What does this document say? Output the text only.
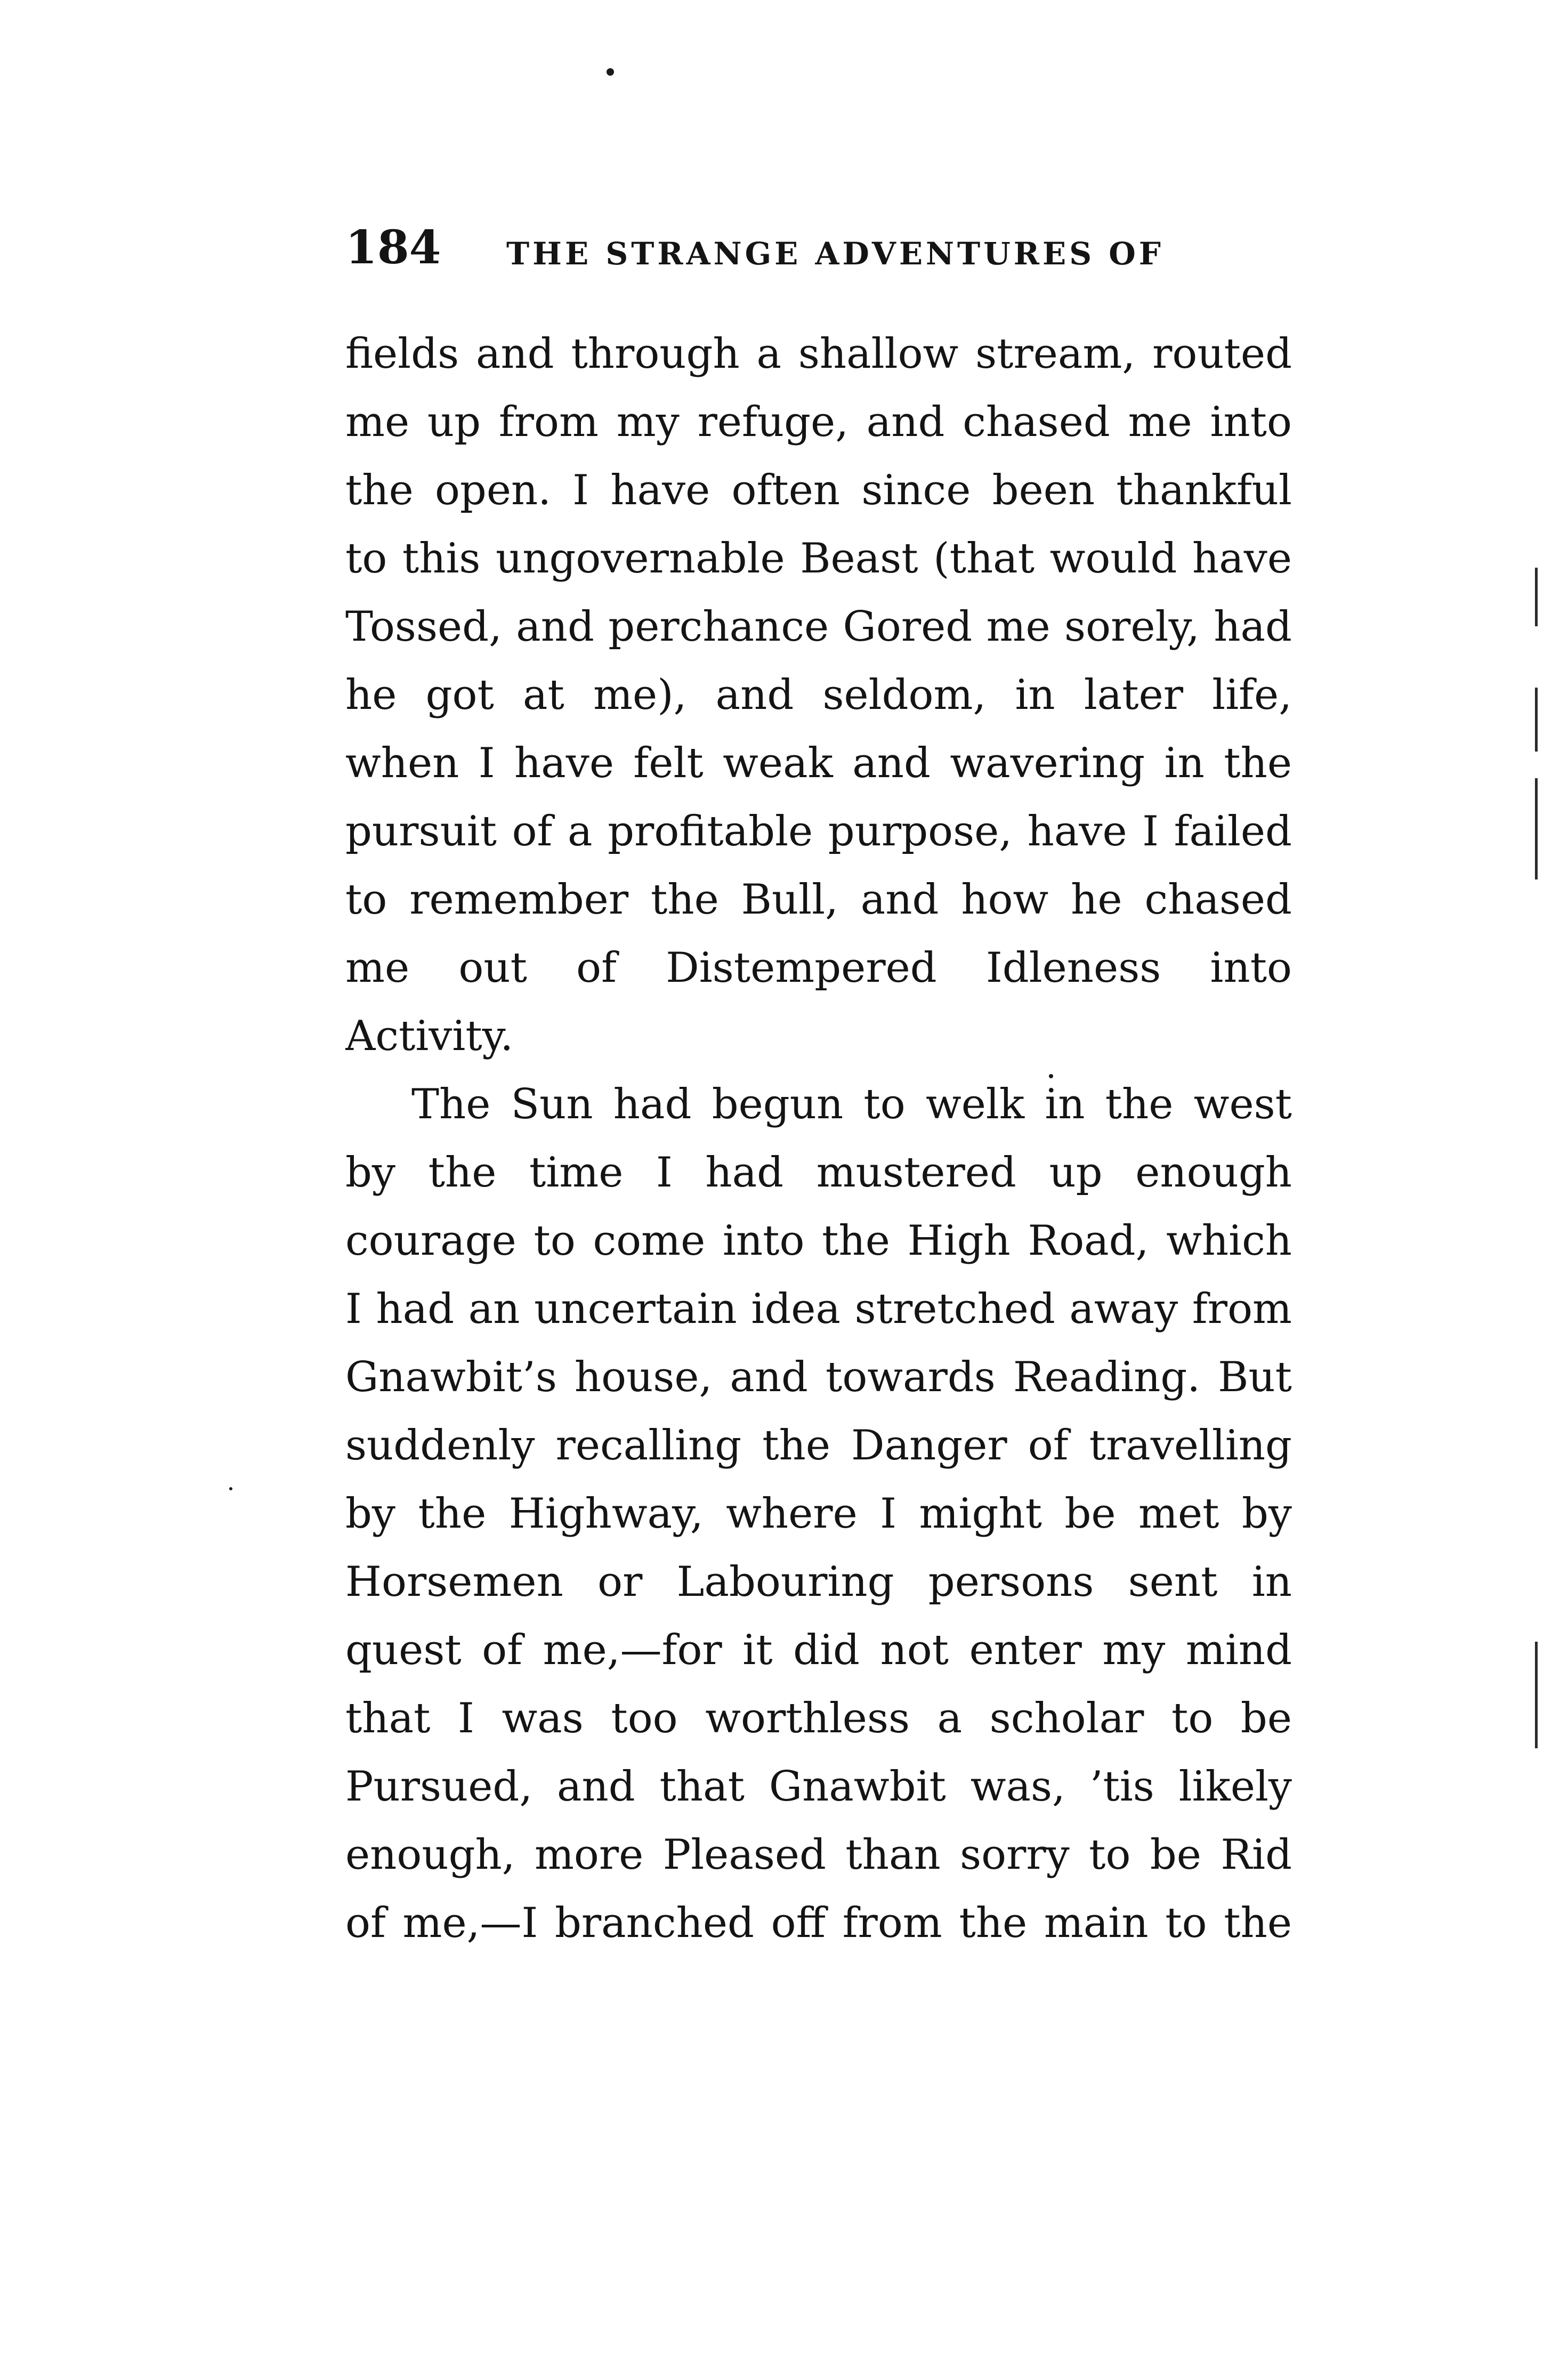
184 THE STRANGE ADVENTURES OF
fields and through a shallow stream, routed
me up from my refuge, and chased me into
the open. I have often since been thankful
to this ungovernable Beast (that would have
Tossed, and perchance Gored me sorely, had
he got at me), and seldom, in later life,
when I have felt weak and wavering in the
pursuit of a profitable purpose, have I failed
to remember the Bull, and how he chased
me out of Distempered Idleness into
Activity.
The Sun had begun to welk in the west
by the time I had mustered up enough
courage to come into the High Road, which
I had an uncertain idea stretched away from
Gnawbit’s house, and towards Reading. But
suddenly recalling the Danger of travelling
by the Highway, where I might be met by
Horsemen or Labouring persons sent in
quest of me,—for it did not enter my mind
that I was too worthless a scholar to be
Pursued, and that Gnawbit was, ’tis likely
enough, more Pleased than sorry to be Rid
of me,—I branched off from the main to the
